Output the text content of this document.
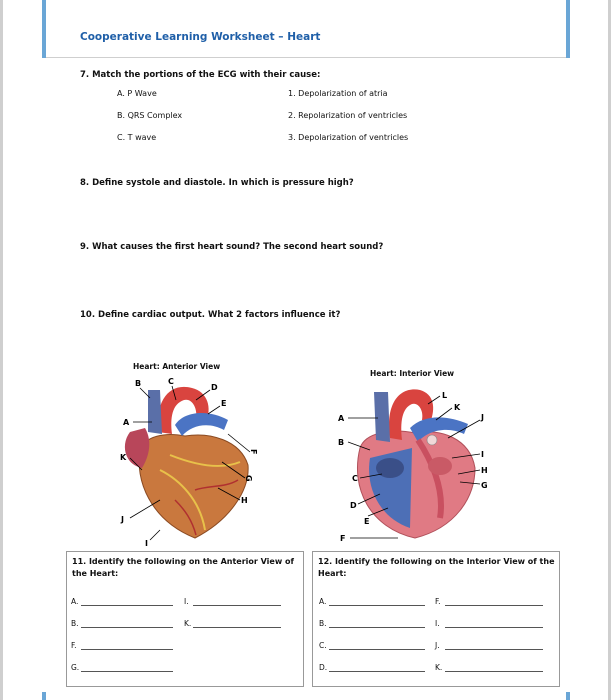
Cooperative Learning Worksheet – Heart
7. Match the portions of the ECG with their cause:
A. P Wave
B. QRS Complex
C. T wave
1. Depolarization of atria
2. Repolarization of ventricles
3. Depolarization of ventricles
8. Define systole and diastole. In which is pressure high?
9. What causes the first heart sound? The second heart sound?
10. Define cardiac output. What 2 factors influence it?
Heart: Anterior View
B	C
D
E
A
F
K
G
H
J
I
Heart: Interior View
A
B
C
D
E
F
H
I
G
J
K
L
11. Identify the following on the Anterior View of the Heart:
A.
B.
F.
G.
I.
K.
12. Identify the following on the Interior View of the Heart:
A.
B.
C.
D.
F.
I.
J.
K.
